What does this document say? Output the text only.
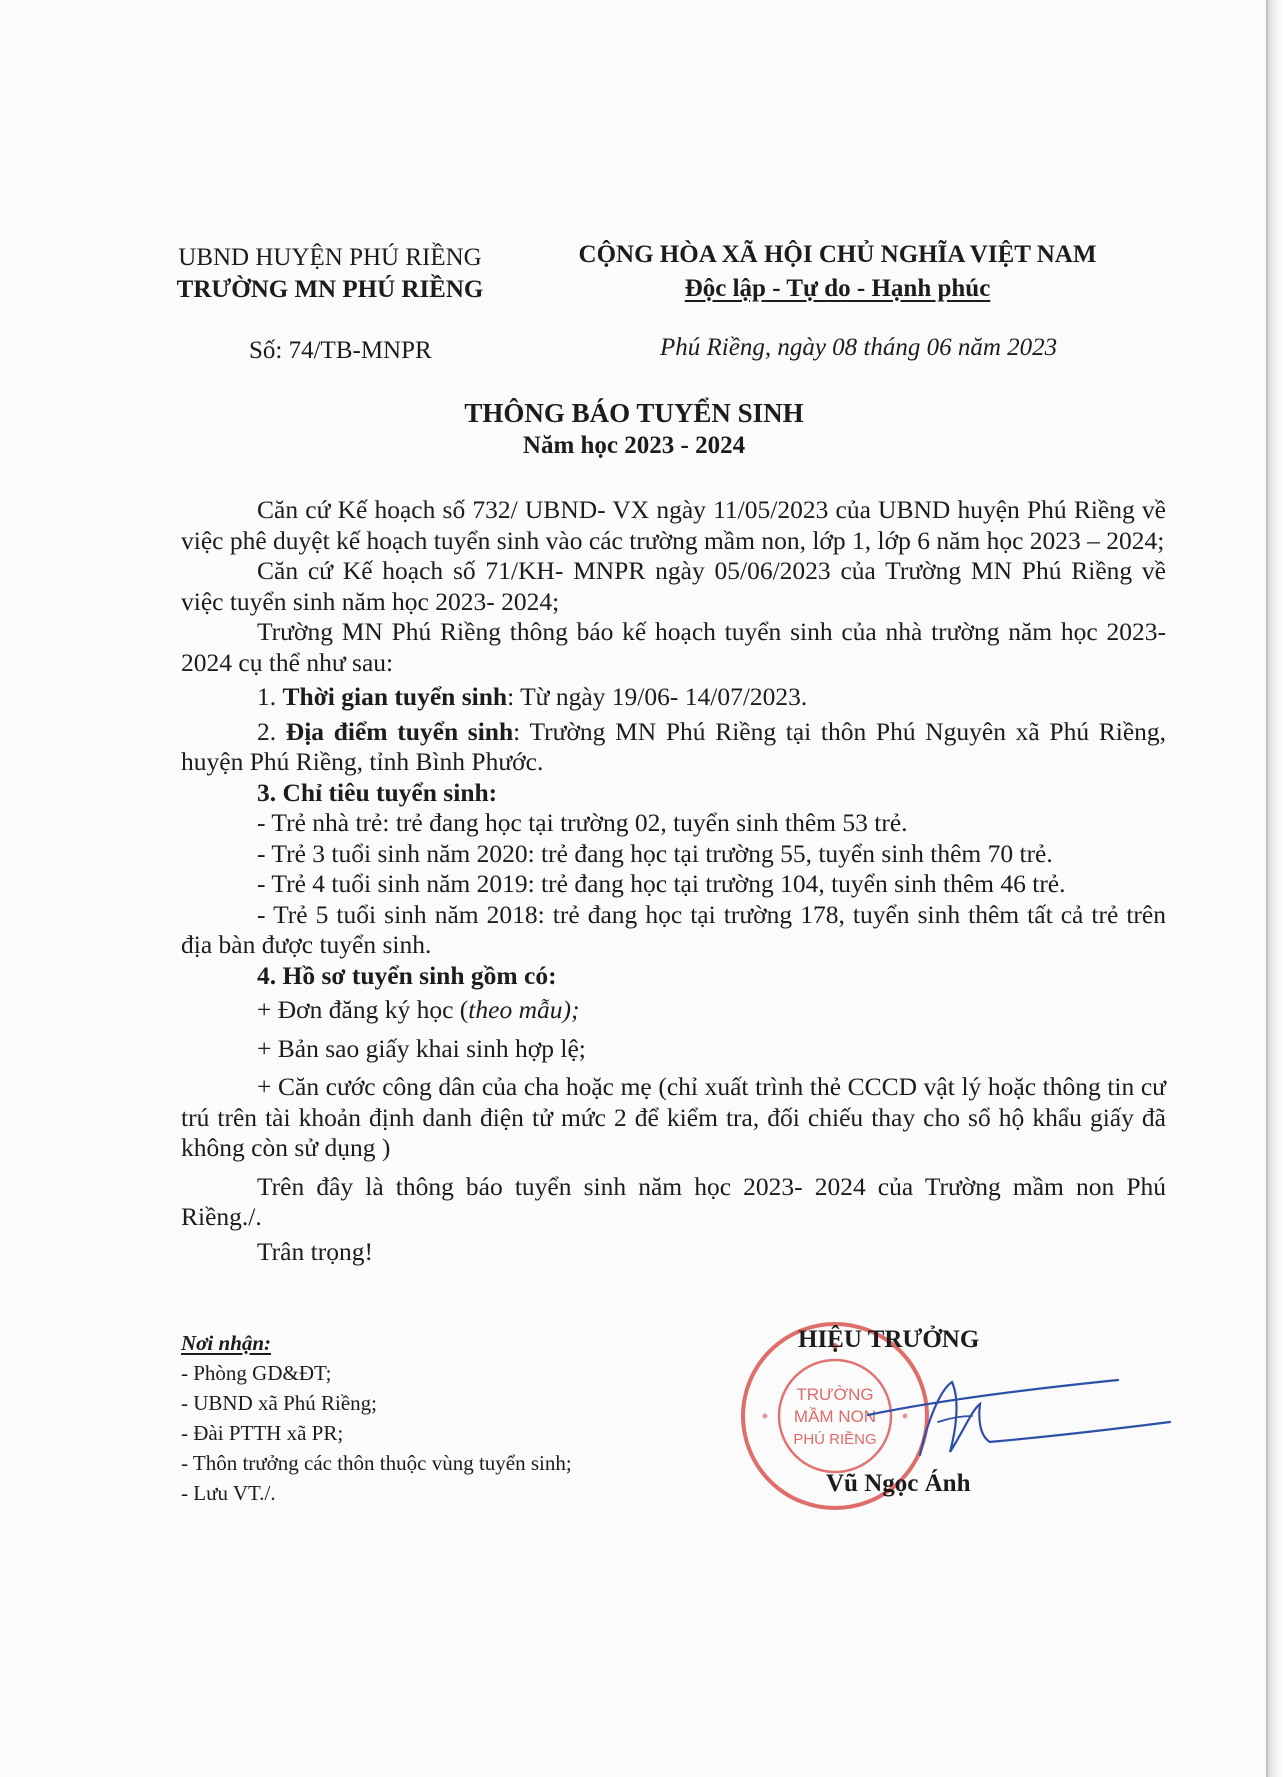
UBND HUYỆN PHÚ RIỀNG
TRƯỜNG MN PHÚ RIỀNG
CỘNG HÒA XÃ HỘI CHỦ NGHĨA VIỆT NAM
Độc lập - Tự do - Hạnh phúc
Số: 74/TB-MNPR	Phú Riềng, ngày 08 tháng 06 năm 2023
THÔNG BÁO TUYỂN SINH
Năm học 2023 - 2024

Căn cứ Kế hoạch số 732/ UBND- VX ngày 11/05/2023 của UBND huyện Phú Riềng về việc phê duyệt kế hoạch tuyển sinh vào các trường mầm non, lớp 1, lớp 6 năm học 2023 – 2024;

Căn cứ Kế hoạch số 71/KH- MNPR ngày 05/06/2023 của Trường MN Phú Riềng về việc tuyển sinh năm học 2023- 2024;

Trường MN Phú Riềng thông báo kế hoạch tuyển sinh của nhà trường năm học 2023- 2024 cụ thể như sau:

1. Thời gian tuyển sinh: Từ ngày 19/06- 14/07/2023.

2. Địa điểm tuyển sinh: Trường MN Phú Riềng tại thôn Phú Nguyên xã Phú Riềng, huyện Phú Riềng, tỉnh Bình Phước.

3. Chỉ tiêu tuyển sinh:

- Trẻ nhà trẻ: trẻ đang học tại trường 02, tuyển sinh thêm 53 trẻ.

- Trẻ 3 tuổi sinh năm 2020: trẻ đang học tại trường 55, tuyển sinh thêm 70 trẻ.

- Trẻ 4 tuổi sinh năm 2019: trẻ đang học tại trường 104, tuyển sinh thêm 46 trẻ.

- Trẻ 5 tuổi sinh năm 2018: trẻ đang học tại trường 178, tuyển sinh thêm tất cả trẻ trên địa bàn được tuyển sinh.

4. Hồ sơ tuyển sinh gồm có:

+ Đơn đăng ký học (theo mẫu);

+ Bản sao giấy khai sinh hợp lệ;

+ Căn cước công dân của cha hoặc mẹ (chỉ xuất trình thẻ CCCD vật lý hoặc thông tin cư trú trên tài khoản định danh điện tử mức 2 để kiểm tra, đối chiếu thay cho sổ hộ khẩu giấy đã không còn sử dụng )

Trên đây là thông báo tuyển sinh năm học 2023- 2024 của Trường mầm non Phú Riềng./.

Trân trọng!

Nơi nhận:
- Phòng GD&ĐT;
- UBND xã Phú Riềng;
- Đài PTTH xã PR;
- Thôn trưởng các thôn thuộc vùng tuyển sinh;
- Lưu VT./.
TRƯỜNG
MẦM NON
PHÚ RIỀNG
HIỆU TRƯỞNG
Vũ Ngọc Ánh
